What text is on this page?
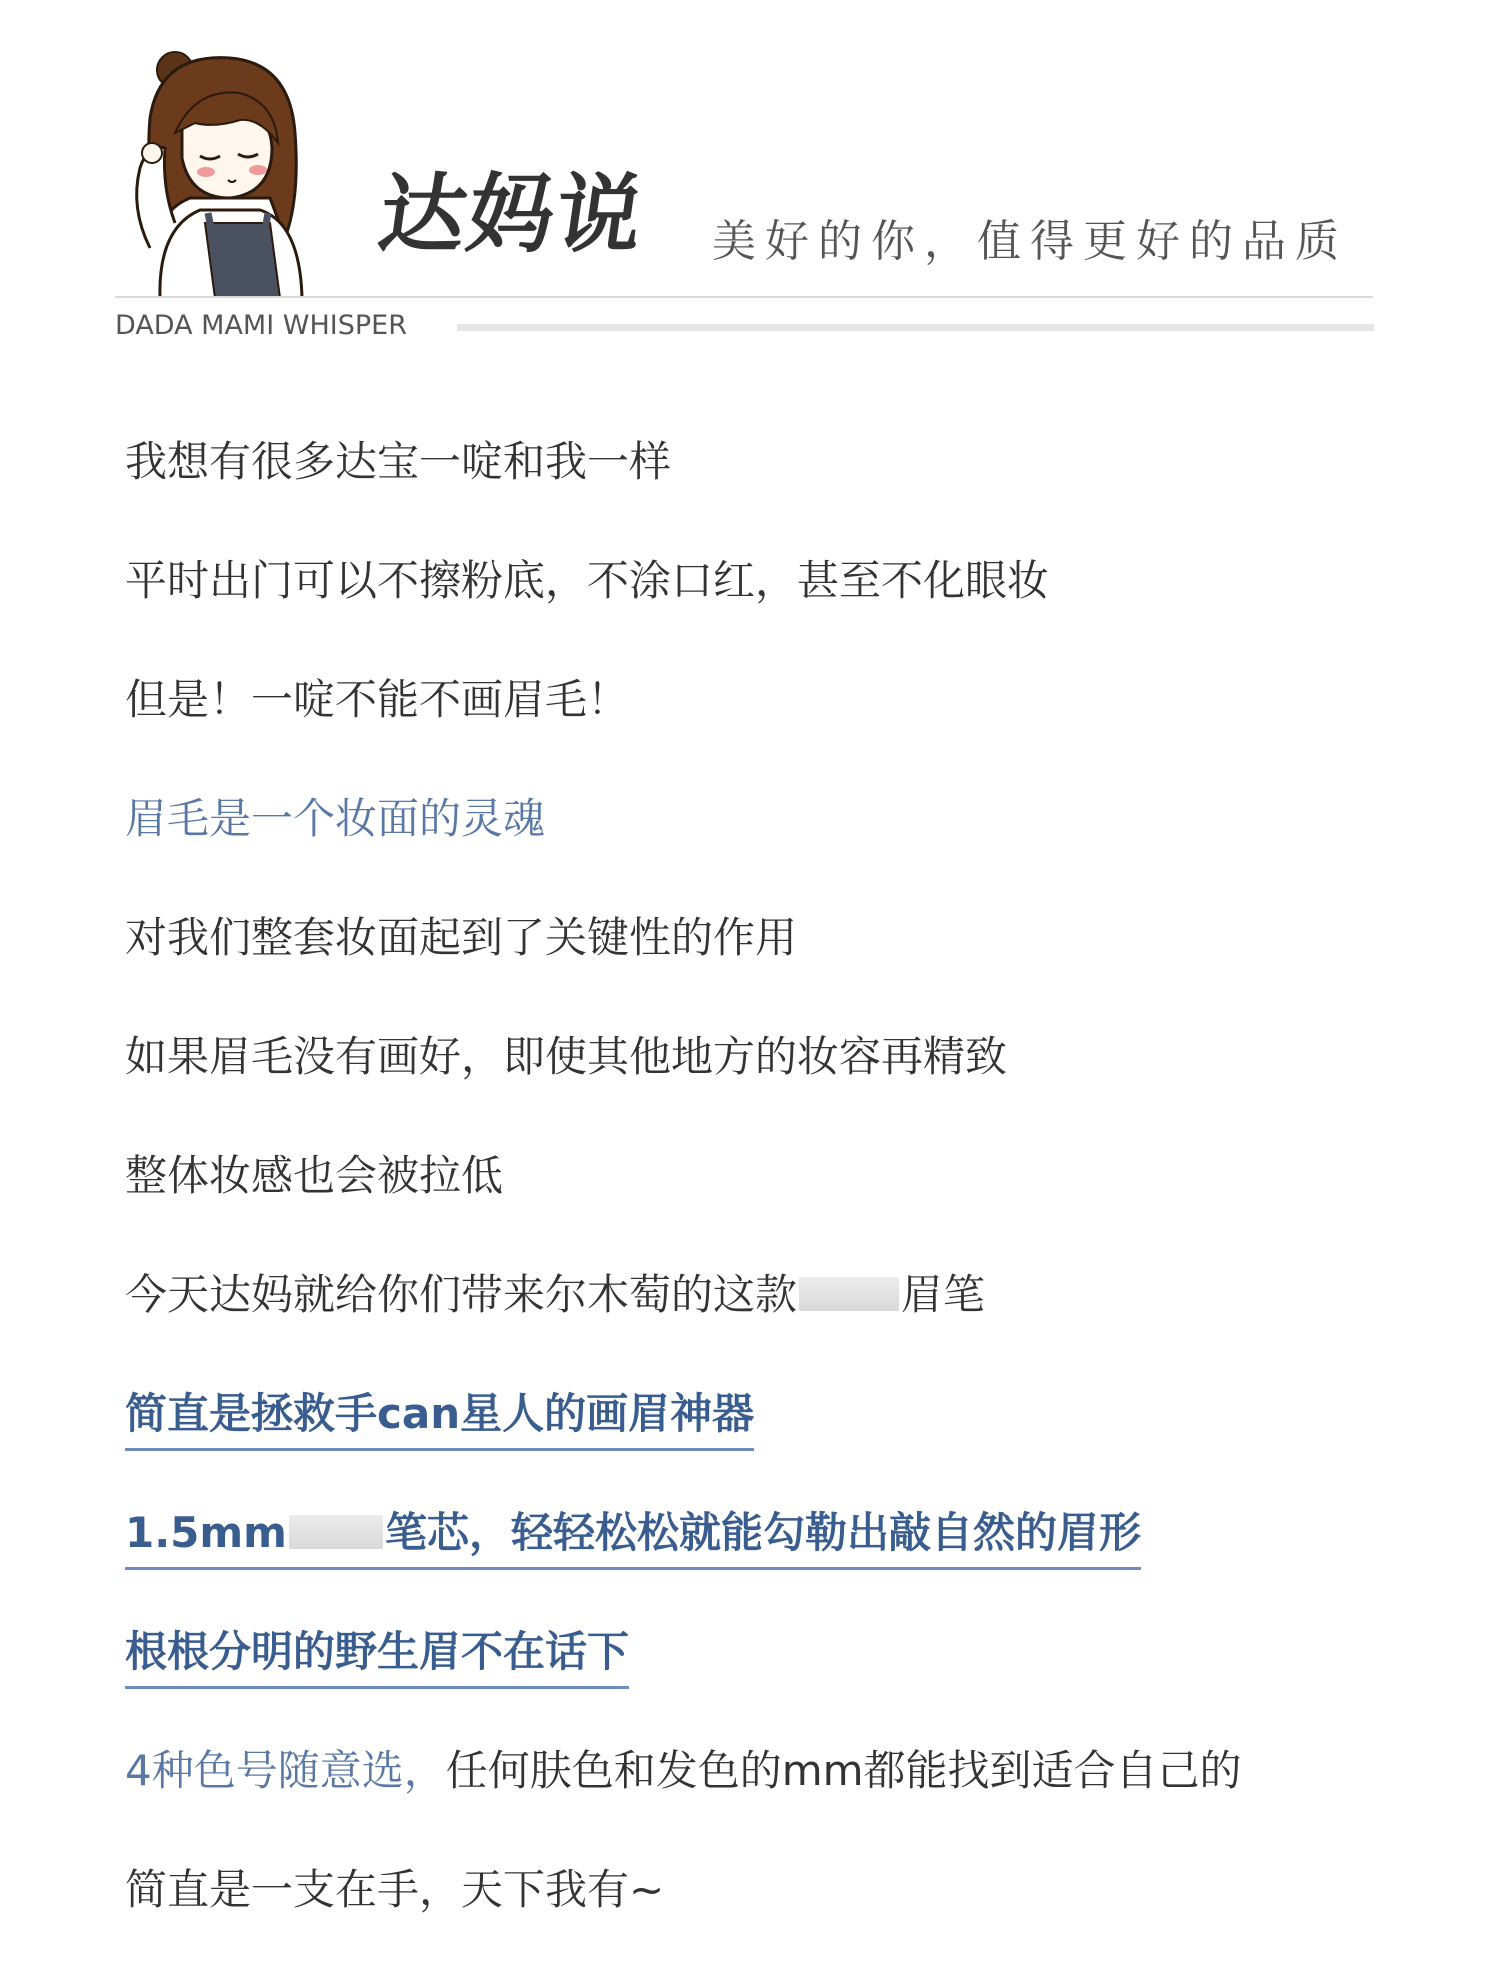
达妈说 美好的你，值得更好的品质
DADA MAMI WHISPER
我想有很多达宝一啶和我一样
平时出门可以不擦粉底，不涂口红，甚至不化眼妆
但是！一啶不能不画眉毛！
眉毛是一个妆面的灵魂
对我们整套妆面起到了关键性的作用
如果眉毛没有画好，即使其他地方的妆容再精致
整体妆感也会被拉低
今天达妈就给你们带来尔木萄的这款 眉笔
简直是拯救手can星人的画眉神器
1.5mm 笔芯，轻轻松松就能勾勒出敲自然的眉形
根根分明的野生眉不在话下
4种色号随意选，任何肤色和发色的mm都能找到适合自己的
简直是一支在手，天下我有~
